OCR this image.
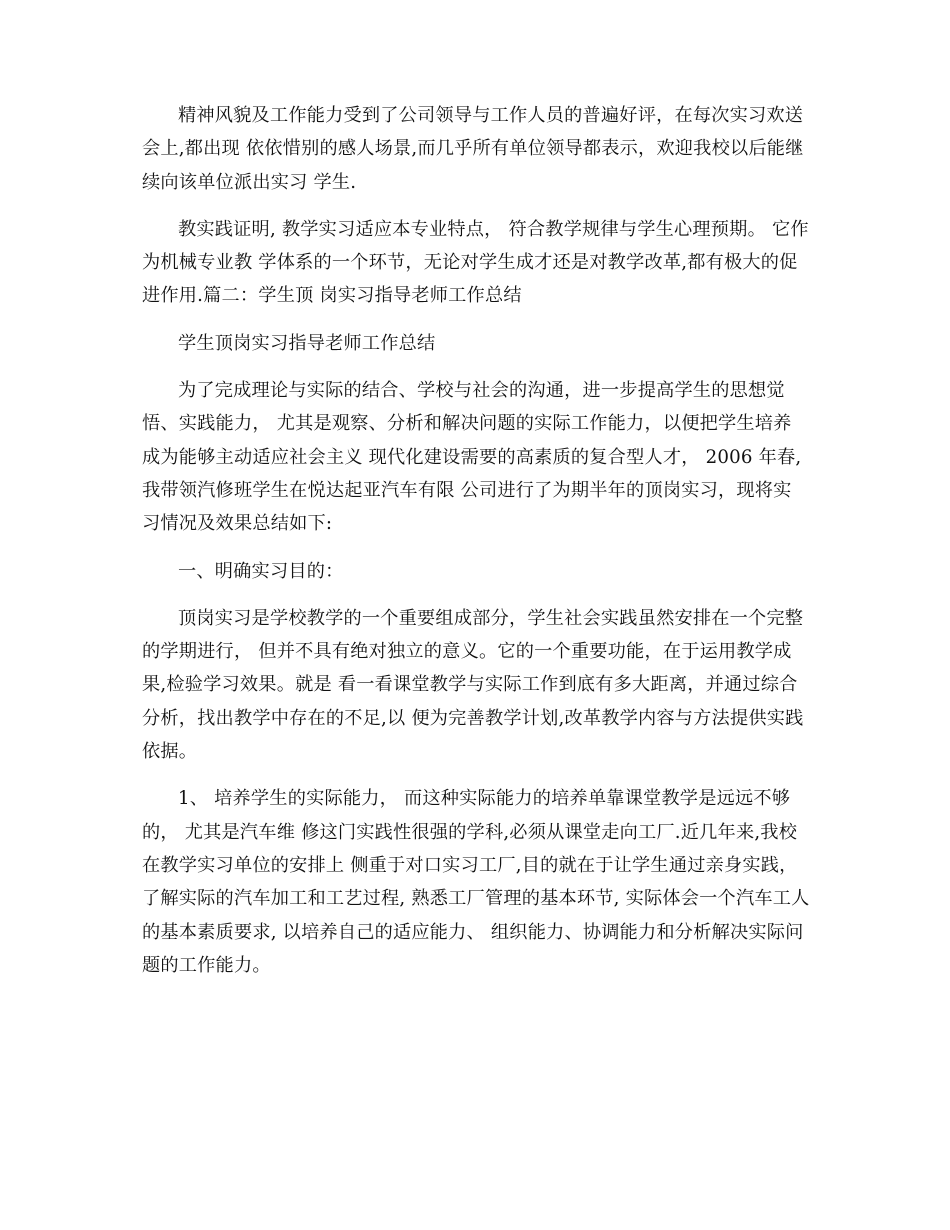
精神风貌及工作能力受到了公司领导与工作人员的普遍好评，在每次实习欢送
会上,都出现 依依惜别的感人场景,而几乎所有单位领导都表示，欢迎我校以后能继
续向该单位派出实习 学生.

教实践证明, 教学实习适应本专业特点， 符合教学规律与学生心理预期。 它作
为机械专业教 学体系的一个环节，无论对学生成才还是对教学改革,都有极大的促
进作用.篇二：学生顶 岗实习指导老师工作总结

学生顶岗实习指导老师工作总结

为了完成理论与实际的结合、学校与社会的沟通，进一步提高学生的思想觉
悟、实践能力， 尤其是观察、分析和解决问题的实际工作能力，以便把学生培养
成为能够主动适应社会主义 现代化建设需要的高素质的复合型人才， 2006 年春,
我带领汽修班学生在悦达起亚汽车有限 公司进行了为期半年的顶岗实习，现将实
习情况及效果总结如下:

一、明确实习目的：

顶岗实习是学校教学的一个重要组成部分，学生社会实践虽然安排在一个完整
的学期进行， 但并不具有绝对独立的意义。它的一个重要功能，在于运用教学成
果,检验学习效果。就是 看一看课堂教学与实际工作到底有多大距离，并通过综合
分析，找出教学中存在的不足,以 便为完善教学计划,改革教学内容与方法提供实践
依据。

1、 培养学生的实际能力， 而这种实际能力的培养单靠课堂教学是远远不够
的， 尤其是汽车维 修这门实践性很强的学科,必须从课堂走向工厂.近几年来,我校
在教学实习单位的安排上 侧重于对口实习工厂,目的就在于让学生通过亲身实践，
了解实际的汽车加工和工艺过程, 熟悉工厂管理的基本环节, 实际体会一个汽车工人
的基本素质要求, 以培养自己的适应能力、 组织能力、协调能力和分析解决实际问
题的工作能力。
